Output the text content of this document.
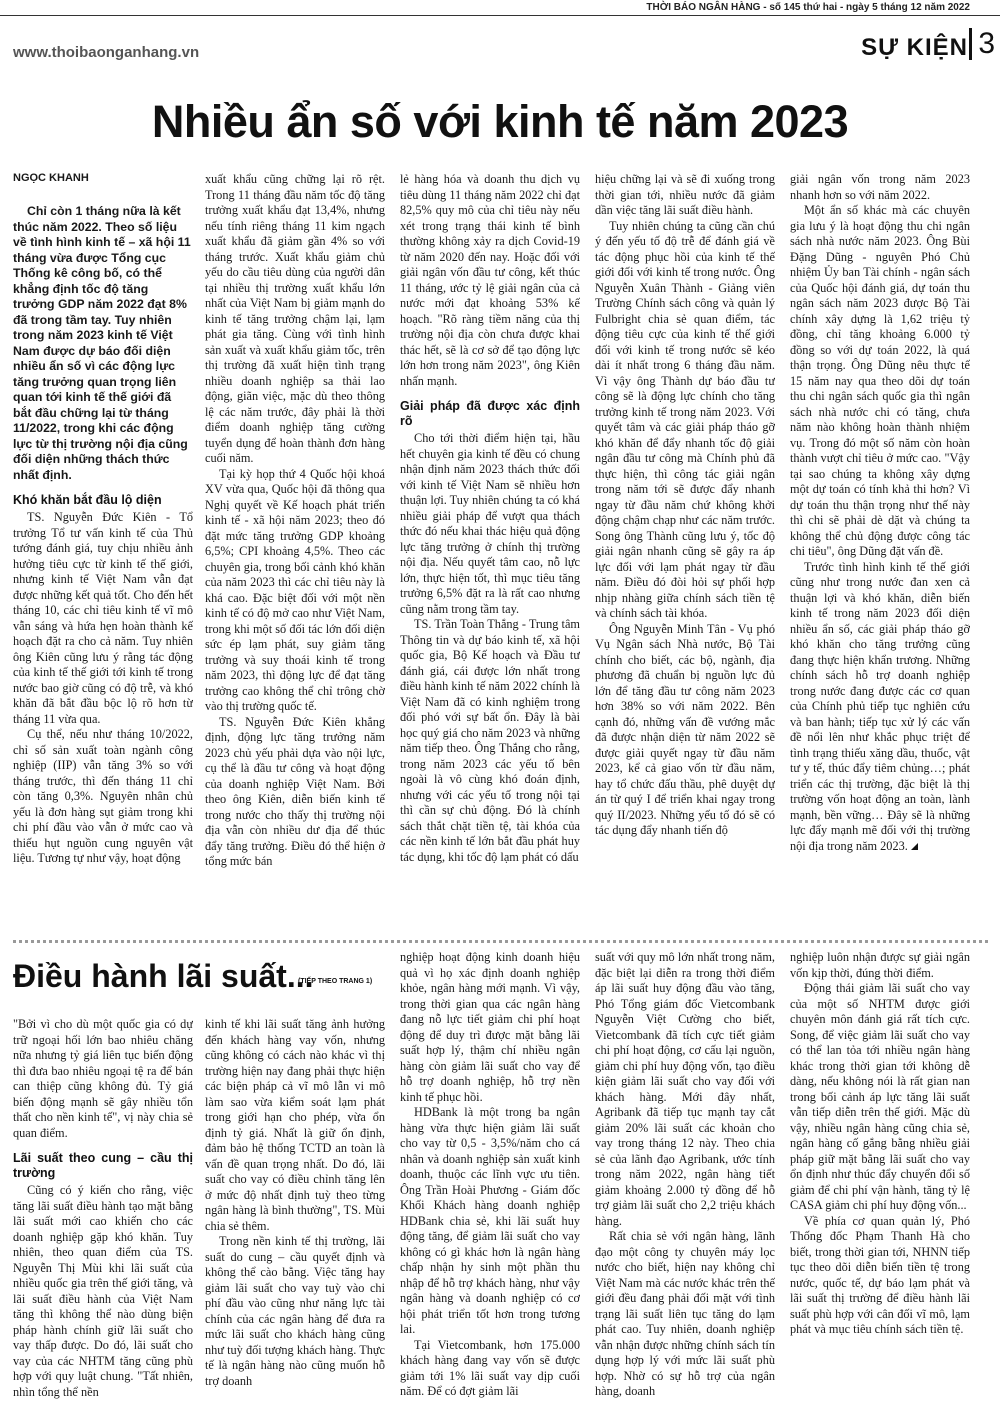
THỜI BÁO NGÂN HÀNG - số 145 thứ hai - ngày 5 tháng 12 năm 2022
www.thoibaonganhang.vn	SỰ KIỆN 3
Nhiều ẩn số với kinh tế năm 2023
NGỌC KHANH

Chỉ còn 1 tháng nữa là kết thúc năm 2022. Theo số liệu về tình hình kinh tế – xã hội 11 tháng vừa được Tổng cục Thống kê công bố, có thể khẳng định tốc độ tăng trưởng GDP năm 2022 đạt 8% đã trong tầm tay. Tuy nhiên trong năm 2023 kinh tế Việt Nam được dự báo đối diện nhiều ẩn số vì các động lực tăng trưởng quan trọng liên quan tới kinh tế thế giới đã bắt đầu chững lại từ tháng 11/2022, trong khi các động lực từ thị trường nội địa cũng đối diện những thách thức nhất định.

Khó khăn bắt đầu lộ diện

TS. Nguyễn Đức Kiên - Tổ trưởng Tổ tư vấn kinh tế của Thủ tướng đánh giá, tuy chịu nhiều ảnh hưởng tiêu cực từ kinh tế thế giới, nhưng kinh tế Việt Nam vẫn đạt được những kết quả tốt. Cho đến hết tháng 10, các chỉ tiêu kinh tế vĩ mô vẫn sáng và hứa hẹn hoàn thành kế hoạch đặt ra cho cả năm. Tuy nhiên ông Kiên cũng lưu ý rằng tác động của kinh tế thế giới tới kinh tế trong nước bao giờ cũng có độ trễ, và khó khăn đã bắt đầu bộc lộ rõ hơn từ tháng 11 vừa qua.

Cụ thể, nếu như tháng 10/2022, chỉ số sản xuất toàn ngành công nghiệp (IIP) vẫn tăng 3% so với tháng trước, thì đến tháng 11 chỉ còn tăng 0,3%. Nguyên nhân chủ yếu là đơn hàng sụt giảm trong khi chi phí đầu vào vẫn ở mức cao và thiếu hụt nguồn cung nguyên vật liệu. Tương tự như vậy, hoạt động

xuất khẩu cũng chững lại rõ rệt. Trong 11 tháng đầu năm tốc độ tăng trưởng xuất khẩu đạt 13,4%, nhưng nếu tính riêng tháng 11 kim ngạch xuất khẩu đã giảm gần 4% so với tháng trước. Xuất khẩu giảm chủ yếu do cầu tiêu dùng của người dân tại nhiều thị trường xuất khẩu lớn nhất của Việt Nam bị giảm mạnh do kinh tế tăng trưởng chậm lại, lạm phát gia tăng. Cùng với tình hình sản xuất và xuất khẩu giảm tốc, trên thị trường đã xuất hiện tình trạng nhiều doanh nghiệp sa thải lao động, giãn việc, mặc dù theo thông lệ các năm trước, đây phải là thời điểm doanh nghiệp tăng cường tuyển dụng để hoàn thành đơn hàng cuối năm.

Tại kỳ họp thứ 4 Quốc hội khoá XV vừa qua, Quốc hội đã thông qua Nghị quyết về Kế hoạch phát triển kinh tế - xã hội năm 2023; theo đó đặt mức tăng trưởng GDP khoảng 6,5%; CPI khoảng 4,5%. Theo các chuyên gia, trong bối cảnh khó khăn của năm 2023 thì các chỉ tiêu này là khá cao. Đặc biệt đối với một nền kinh tế có độ mở cao như Việt Nam, trong khi một số đối tác lớn đối diện sức ép lạm phát, suy giảm tăng trưởng và suy thoái kinh tế trong năm 2023, thì động lực để đạt tăng trưởng cao không thể chỉ trông chờ vào thị trường quốc tế.

TS. Nguyễn Đức Kiên khẳng định, động lực tăng trưởng năm 2023 chủ yếu phải dựa vào nội lực, cụ thể là đầu tư công và hoạt động của doanh nghiệp Việt Nam. Bởi theo ông Kiên, diễn biến kinh tế trong nước cho thấy thị trường nội địa vẫn còn nhiều dư địa để thúc đẩy tăng trưởng. Điều đó thể hiện ở tổng mức bán

lẻ hàng hóa và doanh thu dịch vụ tiêu dùng 11 tháng năm 2022 chỉ đạt 82,5% quy mô của chỉ tiêu này nếu xét trong trạng thái kinh tế bình thường không xảy ra dịch Covid-19 từ năm 2020 đến nay. Hoặc đối với giải ngân vốn đầu tư công, kết thúc 11 tháng, ước tỷ lệ giải ngân của cả nước mới đạt khoảng 53% kế hoạch. "Rõ ràng tiềm năng của thị trường nội địa còn chưa được khai thác hết, sẽ là cơ sở để tạo động lực lớn hơn trong năm 2023", ông Kiên nhấn mạnh.

Giải pháp đã được xác định rõ

Cho tới thời điểm hiện tại, hầu hết chuyên gia kinh tế đều có chung nhận định năm 2023 thách thức đối với kinh tế Việt Nam sẽ nhiều hơn thuận lợi. Tuy nhiên chúng ta có khá nhiều giải pháp để vượt qua thách thức đó nếu khai thác hiệu quả động lực tăng trưởng ở chính thị trường nội địa. Nếu quyết tâm cao, nỗ lực lớn, thực hiện tốt, thì mục tiêu tăng trưởng 6,5% đặt ra là rất cao nhưng cũng nằm trong tầm tay.

TS. Trần Toàn Thắng - Trung tâm Thông tin và dự báo kinh tế, xã hội quốc gia, Bộ Kế hoạch và Đầu tư đánh giá, cái được lớn nhất trong điều hành kinh tế năm 2022 chính là Việt Nam đã có kinh nghiệm trong đối phó với sự bất ổn. Đây là bài học quý giá cho năm 2023 và những năm tiếp theo. Ông Thắng cho rằng, trong năm 2023 các yếu tố bên ngoài là vô cùng khó đoán định, nhưng với các yếu tố trong nội tại thì cần sự chủ động. Đó là chính sách thắt chặt tiền tệ, tài khóa của các nền kinh tế lớn bắt đầu phát huy tác dụng, khi tốc độ lạm phát có dấu

hiệu chững lại và sẽ đi xuống trong thời gian tới, nhiều nước đã giảm dần việc tăng lãi suất điều hành.

Tuy nhiên chúng ta cũng cần chú ý đến yếu tố độ trễ để đánh giá về tác động phục hồi của kinh tế thế giới đối với kinh tế trong nước. Ông Nguyễn Xuân Thành - Giảng viên Trường Chính sách công và quản lý Fulbright chia sẻ quan điểm, tác động tiêu cực của kinh tế thế giới đối với kinh tế trong nước sẽ kéo dài ít nhất trong 6 tháng đầu năm. Vì vậy ông Thành dự báo đầu tư công sẽ là động lực chính cho tăng trưởng kinh tế trong năm 2023. Với quyết tâm và các giải pháp tháo gỡ khó khăn để đẩy nhanh tốc độ giải ngân đầu tư công mà Chính phủ đã thực hiện, thì công tác giải ngân trong năm tới sẽ được đẩy nhanh ngay từ đầu năm chứ không khởi động chậm chạp như các năm trước. Song ông Thành cũng lưu ý, tốc độ giải ngân nhanh cũng sẽ gây ra áp lực đối với lạm phát ngay từ đầu năm. Điều đó đòi hỏi sự phối hợp nhịp nhàng giữa chính sách tiền tệ và chính sách tài khóa.

Ông Nguyễn Minh Tân - Vụ phó Vụ Ngân sách Nhà nước, Bộ Tài chính cho biết, các bộ, ngành, địa phương đã chuẩn bị nguồn lực đủ lớn để tăng đầu tư công năm 2023 hơn 38% so với năm 2022. Bên cạnh đó, những vấn đề vướng mắc đã được nhận diện từ năm 2022 sẽ được giải quyết ngay từ đầu năm 2023, kể cả giao vốn từ đầu năm, hay tổ chức đấu thầu, phê duyệt dự án từ quý I để triển khai ngay trong quý II/2023. Những yếu tố đó sẽ có tác dụng đẩy nhanh tiến độ

giải ngân vốn trong năm 2023 nhanh hơn so với năm 2022.

Một ẩn số khác mà các chuyên gia lưu ý là hoạt động thu chi ngân sách nhà nước năm 2023. Ông Bùi Đặng Dũng - nguyên Phó Chủ nhiệm Ủy ban Tài chính - ngân sách của Quốc hội đánh giá, dự toán thu ngân sách năm 2023 được Bộ Tài chính xây dựng là 1,62 triệu tỷ đồng, chỉ tăng khoảng 6.000 tỷ đồng so với dự toán 2022, là quá thận trọng. Ông Dũng nêu thực tế 15 năm nay qua theo dõi dự toán thu chi ngân sách quốc gia thì ngân sách nhà nước chi có tăng, chưa năm nào không hoàn thành nhiệm vụ. Trong đó một số năm còn hoàn thành vượt chỉ tiêu ở mức cao. "Vậy tại sao chúng ta không xây dựng một dự toán có tính khả thi hơn? Vì dự toán thu thận trọng như thế này thì chi sẽ phải dè dặt và chúng ta không thể chủ động được công tác chi tiêu", ông Dũng đặt vấn đề.

Trước tình hình kinh tế thế giới cũng như trong nước đan xen cả thuận lợi và khó khăn, diễn biến kinh tế trong năm 2023 đối diện nhiều ẩn số, các giải pháp tháo gỡ khó khăn cho tăng trưởng cũng đang thực hiện khẩn trương. Những chính sách hỗ trợ doanh nghiệp trong nước đang được các cơ quan của Chính phủ tiếp tục nghiên cứu và ban hành; tiếp tục xử lý các vấn đề nổi lên như khắc phục triệt để tình trạng thiếu xăng dầu, thuốc, vật tư y tế, thúc đẩy tiêm chủng…; phát triển các thị trường, đặc biệt là thị trường vốn hoạt động an toàn, lành mạnh, bền vững… Đây sẽ là những lực đẩy mạnh mẽ đối với thị trường nội địa trong năm 2023.

Điều hành lãi suất...
(TIẾP THEO TRANG 1)

"Bởi vì cho dù một quốc gia có dự trữ ngoại hối lớn bao nhiêu chăng nữa nhưng tỷ giá liên tục biến động thì đưa bao nhiêu ngoại tệ ra để bán can thiệp cũng không đủ. Tỷ giá biến động mạnh sẽ gây nhiều tổn thất cho nền kinh tế", vị này chia sẻ quan điểm.

Lãi suất theo cung – cầu thị trường

Cũng có ý kiến cho rằng, việc tăng lãi suất điều hành tạo mặt bằng lãi suất mới cao khiến cho các doanh nghiệp gặp khó khăn. Tuy nhiên, theo quan điểm của TS. Nguyễn Thị Mùi khi lãi suất của nhiều quốc gia trên thế giới tăng, và lãi suất điều hành của Việt Nam tăng thì không thể nào dùng biện pháp hành chính giữ lãi suất cho vay thấp được. Do đó, lãi suất cho vay của các NHTM tăng cũng phù hợp với quy luật chung. "Tất nhiên, nhìn tổng thể nền

kinh tế khi lãi suất tăng ảnh hưởng đến khách hàng vay vốn, nhưng cũng không có cách nào khác vì thị trường hiện nay đang phải thực hiện các biện pháp cả vĩ mô lẫn vi mô làm sao vừa kiểm soát lạm phát trong giới hạn cho phép, vừa ổn định tỷ giá. Nhất là giữ ổn định, đảm bảo hệ thống TCTD an toàn là vấn đề quan trọng nhất. Do đó, lãi suất cho vay có điều chỉnh tăng lên ở mức độ nhất định tuỳ theo từng ngân hàng là bình thường", TS. Mùi chia sẻ thêm.

Trong nền kinh tế thị trường, lãi suất do cung – cầu quyết định và không thể cào bằng. Việc tăng hay giảm lãi suất cho vay tuỳ vào chi phí đầu vào cũng như năng lực tài chính của các ngân hàng để đưa ra mức lãi suất cho khách hàng cũng như tuỳ đối tượng khách hàng. Thực tế là ngân hàng nào cũng muốn hỗ trợ doanh

nghiệp hoạt động kinh doanh hiệu quả vì họ xác định doanh nghiệp khỏe, ngân hàng mới mạnh. Vì vậy, trong thời gian qua các ngân hàng đang nỗ lực tiết giảm chi phí hoạt động để duy trì được mặt bằng lãi suất hợp lý, thậm chí nhiều ngân hàng còn giảm lãi suất cho vay để hỗ trợ doanh nghiệp, hỗ trợ nền kinh tế phục hồi.

HDBank là một trong ba ngân hàng vừa thực hiện giảm lãi suất cho vay từ 0,5 - 3,5%/năm cho cá nhân và doanh nghiệp sản xuất kinh doanh, thuộc các lĩnh vực ưu tiên. Ông Trần Hoài Phương - Giám đốc Khối Khách hàng doanh nghiệp HDBank chia sẻ, khi lãi suất huy động tăng, để giảm lãi suất cho vay không có gì khác hơn là ngân hàng chấp nhận hy sinh một phần thu nhập để hỗ trợ khách hàng, như vậy ngân hàng và doanh nghiệp có cơ hội phát triển tốt hơn trong tương lai.

Tại Vietcombank, hơn 175.000 khách hàng đang vay vốn sẽ được giảm tới 1% lãi suất vay dịp cuối năm. Để có đợt giảm lãi

suất với quy mô lớn nhất trong năm, đặc biệt lại diễn ra trong thời điểm áp lãi suất huy động đầu vào tăng, Phó Tổng giám đốc Vietcombank Nguyễn Việt Cường cho biết, Vietcombank đã tích cực tiết giảm chi phí hoạt động, cơ cấu lại nguồn, giảm chi phí huy động vốn, tạo điều kiện giảm lãi suất cho vay đối với khách hàng. Mới đây nhất, Agribank đã tiếp tục mạnh tay cắt giảm 20% lãi suất các khoản cho vay trong tháng 12 này. Theo chia sẻ của lãnh đạo Agribank, ước tính trong năm 2022, ngân hàng tiết giảm khoảng 2.000 tỷ đồng để hỗ trợ giảm lãi suất cho 2,2 triệu khách hàng.

Rất chia sẻ với ngân hàng, lãnh đạo một công ty chuyên máy lọc nước cho biết, hiện nay không chỉ Việt Nam mà các nước khác trên thế giới đều đang phải đối mặt với tình trạng lãi suất liên tục tăng do lạm phát cao. Tuy nhiên, doanh nghiệp vẫn nhận được những chính sách tín dụng hợp lý với mức lãi suất phù hợp. Nhờ có sự hỗ trợ của ngân hàng, doanh

nghiệp luôn nhận được sự giải ngân vốn kịp thời, đúng thời điểm.

Động thái giảm lãi suất cho vay của một số NHTM được giới chuyên môn đánh giá rất tích cực. Song, để việc giảm lãi suất cho vay có thể lan tỏa tới nhiều ngân hàng khác trong thời gian tới không dễ dàng, nếu không nói là rất gian nan trong bối cảnh áp lực tăng lãi suất vẫn tiếp diễn trên thế giới. Mặc dù vậy, nhiều ngân hàng cũng chia sẻ, ngân hàng cố gắng bằng nhiều giải pháp giữ mặt bằng lãi suất cho vay ổn định như thúc đẩy chuyển đổi số giảm để chi phí vận hành, tăng tỷ lệ CASA giảm chi phí huy động vốn...

Về phía cơ quan quản lý, Phó Thống đốc Phạm Thanh Hà cho biết, trong thời gian tới, NHNN tiếp tục theo dõi diễn biến tiền tệ trong nước, quốc tế, dự báo lạm phát và lãi suất thị trường để điều hành lãi suất phù hợp với cân đối vĩ mô, lạm phát và mục tiêu chính sách tiền tệ.
